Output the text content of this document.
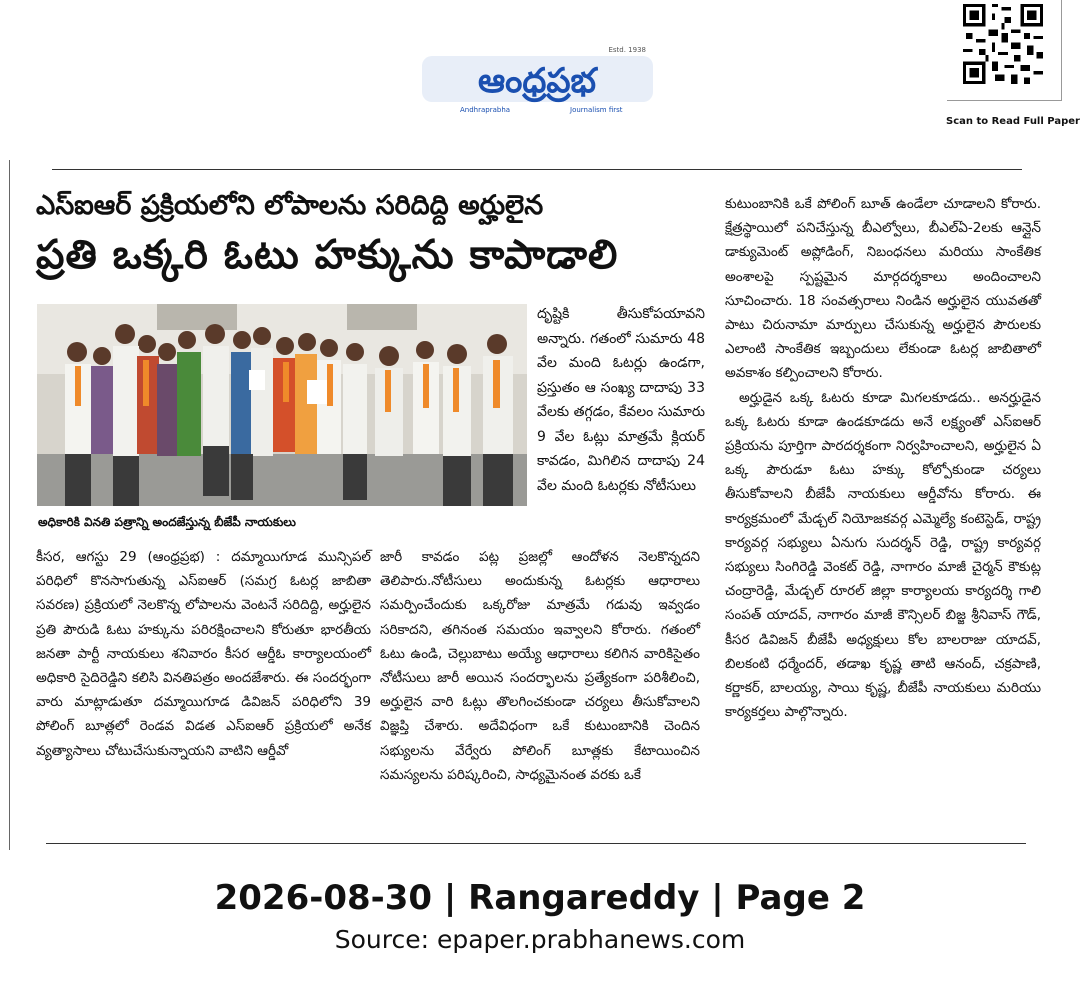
ఆంధ్రప్రభ
Estd. 1938
Andhraprabha	Journalism first
Scan to Read Full Paper
ఎస్ఐఆర్ ప్రక్రియలోని లోపాలను సరిదిద్ది అర్హులైన
ప్రతి ఒక్కరి ఓటు హక్కును కాపాడాలి
అధికారికి వినతి పత్రాన్ని అందజేస్తున్న బీజేపీ నాయకులు

దృష్టికి తీసుకోపయావని అన్నారు. గతంలో సుమారు 48 వేల మంది ఓటర్లు ఉండగా, ప్రస్తుతం ఆ సంఖ్య దాదాపు 33 వేలకు తగ్గడం, కేవలం సుమారు 9 వేల ఓట్లు మాత్రమే క్లియర్ కావడం, మిగిలిన దాదాపు 24 వేల మంది ఓటర్లకు నోటీసులు

కీసర, ఆగస్టు 29 (ఆంధ్రప్రభ) : దమ్మాయిగూడ మున్సిపల్ పరిధిలో కొనసాగుతున్న ఎస్ఐఆర్ (సమగ్ర ఓటర్ల జాబితా సవరణ) ప్రక్రియలో నెలకొన్న లోపాలను వెంటనే సరిదిద్ది, అర్హులైన ప్రతి పౌరుడి ఓటు హక్కును పరిరక్షించాలని కోరుతూ భారతీయ జనతా పార్టీ నాయకులు శనివారం కీసర ఆర్డీఓ కార్యాలయంలో అధికారి సైదిరెడ్డిని కలిసి వినతిపత్రం అందజేశారు. ఈ సందర్భంగా వారు మాట్లాడుతూ దమ్మాయిగూడ డివిజన్ పరిధిలోని 39 పోలింగ్ బూత్లలో రెండవ విడత ఎస్ఐఆర్ ప్రక్రియలో అనేక వ్యత్యాసాలు చోటుచేసుకున్నాయని వాటిని ఆర్డీవో

జారీ కావడం పట్ల ప్రజల్లో ఆందోళన నెలకొన్నదని తెలిపారు.నోటీసులు అందుకున్న ఓటర్లకు ఆధారాలు సమర్పించేందుకు ఒక్కరోజు మాత్రమే గడువు ఇవ్వడం సరికాదని, తగినంత సమయం ఇవ్వాలని కోరారు. గతంలో ఓటు ఉండి, చెల్లుబాటు అయ్యే ఆధారాలు కలిగిన వారికిసైతం నోటీసులు జారీ అయిన సందర్భాలను ప్రత్యేకంగా పరిశీలించి, అర్హులైన వారి ఓట్లు తొలగించకుండా చర్యలు తీసుకోవాలని విజ్ఞప్తి చేశారు. అదేవిధంగా ఒకే కుటుంబానికి చెందిన సభ్యులను వేర్వేరు పోలింగ్ బూత్లకు కేటాయించిన సమస్యలను పరిష్కరించి, సాధ్యమైనంత వరకు ఒకే

కుటుంబానికి ఒకే పోలింగ్ బూత్ ఉండేలా చూడాలని కోరారు. క్షేత్రస్థాయిలో పనిచేస్తున్న బీఎల్వోలు, బీఎల్ఏ-2లకు ఆన్లైన్ డాక్యుమెంట్ అప్లోడింగ్, నిబంధనలు మరియు సాంకేతిక అంశాలపై స్పష్టమైన మార్గదర్శకాలు అందించాలని సూచించారు. 18 సంవత్సరాలు నిండిన అర్హులైన యువతతో పాటు చిరునామా మార్పులు చేసుకున్న అర్హులైన పౌరులకు ఎలాంటి సాంకేతిక ఇబ్బందులు లేకుండా ఓటర్ల జాబితాలో అవకాశం కల్పించాలని కోరారు.

అర్హుడైన ఒక్క ఓటరు కూడా మిగలకూడదు.. అనర్హుడైన ఒక్క ఓటరు కూడా ఉండకూడదు అనే లక్ష్యంతో ఎస్ఐఆర్ ప్రక్రియను పూర్తిగా పారదర్శకంగా నిర్వహించాలని, అర్హులైన ఏ ఒక్క పౌరుడూ ఓటు హక్కు కోల్పోకుండా చర్యలు తీసుకోవాలని బీజేపీ నాయకులు ఆర్డీవోను కోరారు. ఈ కార్యక్రమంలో మేడ్చల్ నియోజకవర్గ ఎమ్మెల్యే కంటెస్టెడ్, రాష్ట్ర కార్యవర్గ సభ్యులు ఏనుగు సుదర్శన్ రెడ్డి, రాష్ట్ర కార్యవర్గ సభ్యులు సింగిరెడ్డి వెంకట్ రెడ్డి, నాగారం మాజీ చైర్మన్ కౌకుట్ల చంద్రారెడ్డి, మేడ్చల్ రూరల్ జిల్లా కార్యాలయ కార్యదర్శి గాలి సంపత్ యాదవ్, నాగారం మాజీ కౌన్సిలర్ బిజ్జ శ్రీనివాస్ గౌడ్, కీసర డివిజన్ బీజేపీ అధ్యక్షులు కోల బాలరాజు యాదవ్, బిలకంటి ధర్మేందర్, తడాఖ కృష్ణ తాటి ఆనంద్, చక్రపాణి, కర్ణాకర్, బాలయ్య, సాయి కృష్ణ, బీజేపీ నాయకులు మరియు కార్యకర్తలు పాల్గొన్నారు.

2026-08-30 | Rangareddy | Page 2
Source: epaper.prabhanews.com
